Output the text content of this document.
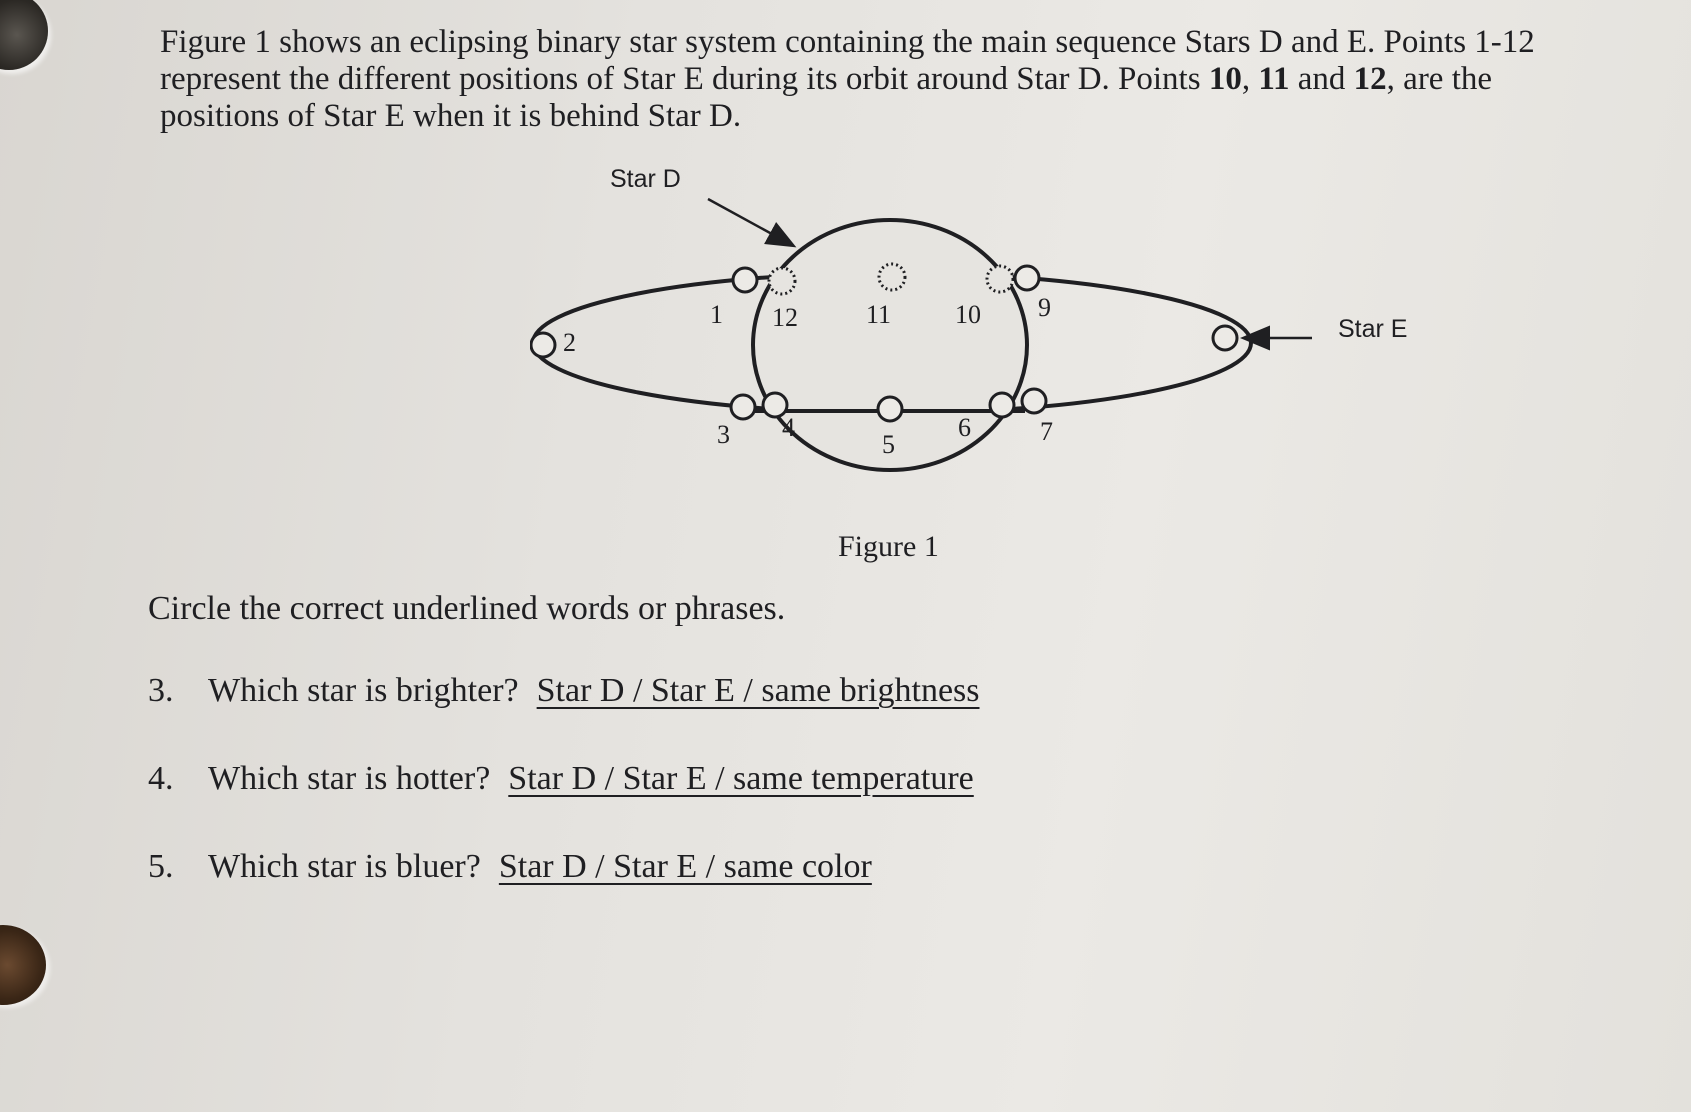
Figure 1 shows an eclipsing binary star system containing the main sequence Stars D and E. Points 1-12 represent the different positions of Star E during its orbit around Star D. Points 10, 11 and 12, are the positions of Star E when it is behind Star D.

Star D
Star E
1
2
3 4
5
6	7
9
10
11
12
Figure 1
Circle the correct underlined words or phrases.
3. Which star is brighter? Star D / Star E / same brightness
4. Which star is hotter? Star D / Star E / same temperature
5. Which star is bluer? Star D / Star E / same color
